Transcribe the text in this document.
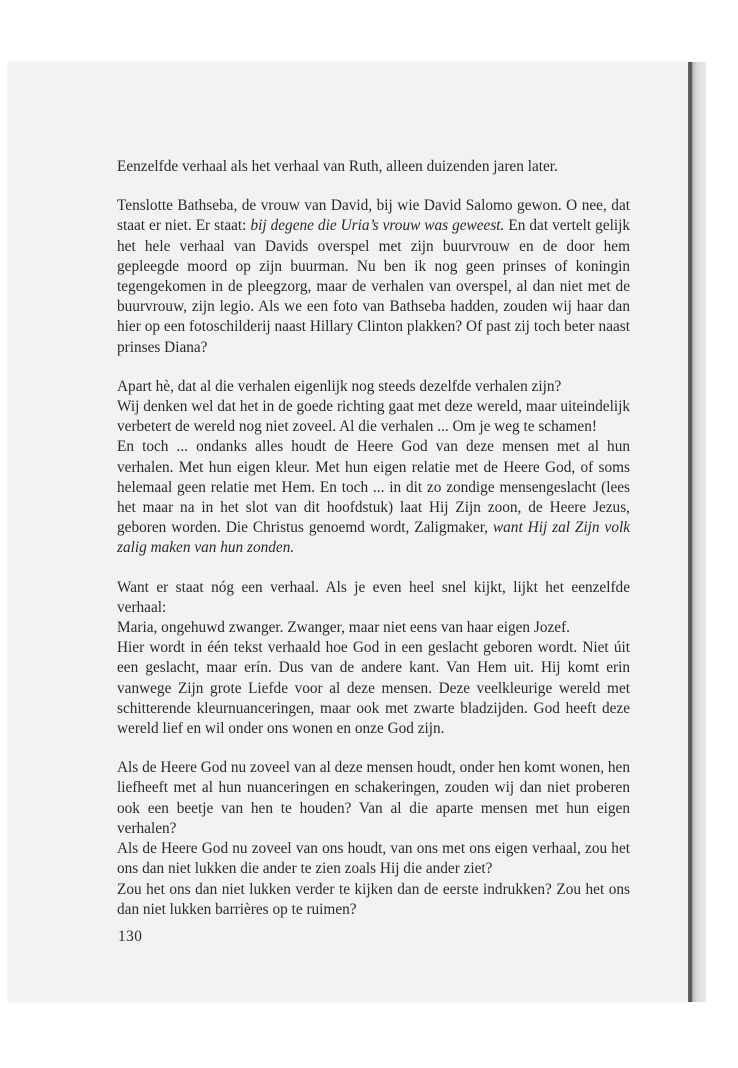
Eenzelfde verhaal als het verhaal van Ruth, alleen duizenden jaren later.

Tenslotte Bathseba, de vrouw van David, bij wie David Salomo gewon. O nee, dat staat er niet. Er staat: bij degene die Uria’s vrouw was geweest. En dat vertelt gelijk het hele verhaal van Davids overspel met zijn buurvrouw en de door hem gepleegde moord op zijn buurman. Nu ben ik nog geen prinses of koningin tegengekomen in de pleegzorg, maar de verhalen van overspel, al dan niet met de buurvrouw, zijn legio. Als we een foto van Bathseba hadden, zouden wij haar dan hier op een fotoschilderij naast Hillary Clinton plakken? Of past zij toch beter naast prinses Diana?

Apart hè, dat al die verhalen eigenlijk nog steeds dezelfde verhalen zijn?

Wij denken wel dat het in de goede richting gaat met deze wereld, maar uiteindelijk verbetert de wereld nog niet zoveel. Al die verhalen ... Om je weg te schamen!

En toch ... ondanks alles houdt de Heere God van deze mensen met al hun verhalen. Met hun eigen kleur. Met hun eigen relatie met de Heere God, of soms helemaal geen relatie met Hem. En toch ... in dit zo zondige mensengeslacht (lees het maar na in het slot van dit hoofdstuk) laat Hij Zijn zoon, de Heere Jezus, geboren worden. Die Christus genoemd wordt, Zaligmaker, want Hij zal Zijn volk zalig maken van hun zonden.

Want er staat nóg een verhaal. Als je even heel snel kijkt, lijkt het eenzelfde verhaal:

Maria, ongehuwd zwanger. Zwanger, maar niet eens van haar eigen Jozef.

Hier wordt in één tekst verhaald hoe God in een geslacht geboren wordt. Niet úit een geslacht, maar erín. Dus van de andere kant. Van Hem uit. Hij komt erin vanwege Zijn grote Liefde voor al deze mensen. Deze veelkleurige wereld met schitterende kleurnuanceringen, maar ook met zwarte bladzijden. God heeft deze wereld lief en wil onder ons wonen en onze God zijn.

Als de Heere God nu zoveel van al deze mensen houdt, onder hen komt wonen, hen liefheeft met al hun nuanceringen en schakeringen, zouden wij dan niet proberen ook een beetje van hen te houden? Van al die aparte mensen met hun eigen verhalen?

Als de Heere God nu zoveel van ons houdt, van ons met ons eigen verhaal, zou het ons dan niet lukken die ander te zien zoals Hij die ander ziet?

Zou het ons dan niet lukken verder te kijken dan de eerste indrukken? Zou het ons dan niet lukken barrières op te ruimen?

130
